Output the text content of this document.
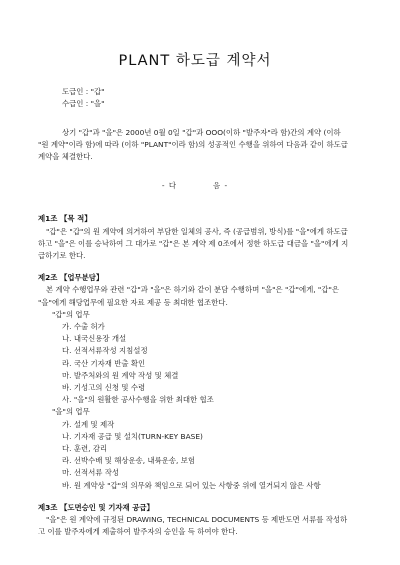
PLANT 하도급 계약서
도급인 : "갑"
수급인 : "을"
상기 "갑"과 "을"은 2000년 0월 0일 "갑"과 OOO(이하 "발주자"라 함)간의 계약 (이하 "원 계약"이라 함)에 따라 (이하 "PLANT"이라 함)의 성공적인 수행을 위하여 다음과 같이 하도급계약을 체결한다.
- 다	음 -
제1조 【목 적】
"갑"은 "갑"의 원 계약에 의거하여 부담한 일체의 공사, 즉 (공급범위, 방식)를 "을"에게 하도급하고 "을"은 이를 승낙하여 그 대가로 "갑"은 본 계약 제 0조에서 정한 하도급 대금을 "을"에게 지급하기로 한다.
제2조 【업무분담】
본 계약 수행업무와 관련 "갑"과 "을"은 하기와 같이 분담 수행하며 "을"은 "갑"에게, "갑"은 "을"에게 해당업무에 필요한 자료 제공 등 최대한 협조한다.
"갑"의 업무
가. 수출 허가
나. 내국신용장 개설
다. 선적서류작성 지침설정
라. 국산 기자재 반출 확인
마. 발주처와의 원 계약 작성 및 체결
바. 기성고의 신청 및 수령
사. "을"의 원활한 공사수행을 위한 최대한 협조
"을"의 업무
가. 설계 및 제작
나. 기자재 공급 및 설치(TURN-KEY BASE)
다. 훈련, 감리
라. 선박수배 및 해상운송, 내륙운송, 보험
마. 선적서류 작성
바. 원 계약상 "갑"의 의무와 책임으로 되어 있는 사항중 위에 열거되지 않은 사항
제3조 【도면승인 및 기자재 공급】
"을"은 원 계약에 규정된 DRAWING, TECHNICAL DOCUMENTS 등 제반도면 서류를 작성하고 이를 발주자에게 제출하여 발주자의 승인을 득 하여야 한다.
